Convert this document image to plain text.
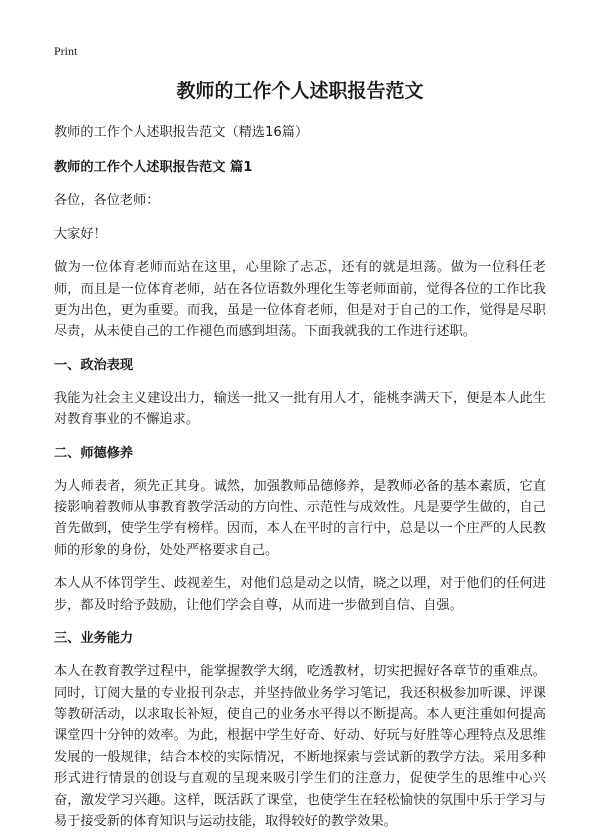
Print
教师的工作个人述职报告范文

教师的工作个人述职报告范文（精选16篇）

教师的工作个人述职报告范文 篇1

各位，各位老师：

大家好！

做为一位体育老师而站在这里，心里除了忐忑，还有的就是坦荡。做为一位科任老师，而且是一位体育老师，站在各位语数外理化生等老师面前，觉得各位的工作比我更为出色，更为重要。而我，虽是一位体育老师，但是对于自己的工作，觉得是尽职尽责，从未使自己的工作褪色而感到坦荡。下面我就我的工作进行述职。

一、政治表现

我能为社会主义建设出力，输送一批又一批有用人才，能桃李满天下，便是本人此生对教育事业的不懈追求。

二、师德修养

为人师表者，须先正其身。诚然，加强教师品德修养，是教师必备的基本素质，它直接影响着教师从事教育教学活动的方向性、示范性与成效性。凡是要学生做的，自己首先做到，使学生学有榜样。因而，本人在平时的言行中，总是以一个庄严的人民教师的形象的身份，处处严格要求自己。

本人从不体罚学生、歧视差生，对他们总是动之以情，晓之以理，对于他们的任何进步，都及时给予鼓励，让他们学会自尊，从而进一步做到自信、自强。

三、业务能力

本人在教育教学过程中，能掌握教学大纲，吃透教材，切实把握好各章节的重难点。同时，订阅大量的专业报刊杂志，并坚持做业务学习笔记，我还积极参加听课、评课等教研活动，以求取长补短，使自己的业务水平得以不断提高。本人更注重如何提高课堂四十分钟的效率。为此，根据中学生好奇、好动、好玩与好胜等心理特点及思维发展的一般规律，结合本校的实际情况，不断地探索与尝试新的教学方法。采用多种形式进行情景的创设与直观的呈现来吸引学生们的注意力，促使学生的思维中心兴奋，激发学习兴趣。这样，既活跃了课堂，也使学生在轻松愉快的氛围中乐于学习与易于接受新的体育知识与运动技能，取得较好的教学效果。
